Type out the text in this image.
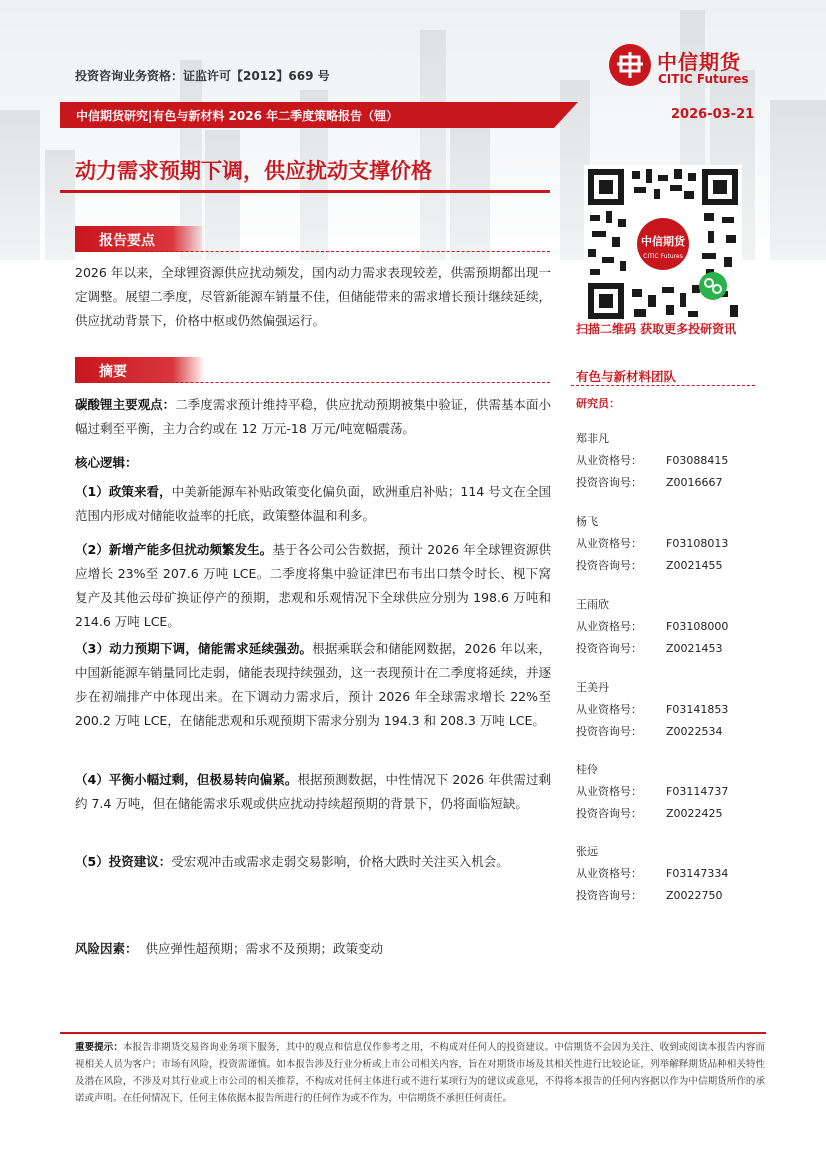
投资咨询业务资格：证监许可【2012】669 号
中信期货
CITIC Futures
中信期货研究|有色与新材料 2026 年二季度策略报告（锂）	2026-03-21
动力需求预期下调，供应扰动支撑价格
报告要点

2026 年以来，全球锂资源供应扰动频发，国内动力需求表现较差，供需预期都出现一定调整。展望二季度，尽管新能源车销量不佳，但储能带来的需求增长预计继续延续，供应扰动背景下，价格中枢或仍然偏强运行。

摘要

碳酸锂主要观点：二季度需求预计维持平稳，供应扰动预期被集中验证，供需基本面小幅过剩至平衡，主力合约或在 12 万元-18 万元/吨宽幅震荡。

核心逻辑：

（1）政策来看，中美新能源车补贴政策变化偏负面，欧洲重启补贴；114 号文在全国范围内形成对储能收益率的托底，政策整体温和利多。

（2）新增产能多但扰动频繁发生。基于各公司公告数据，预计 2026 年全球锂资源供应增长 23%至 207.6 万吨 LCE。二季度将集中验证津巴布韦出口禁令时长、枧下窝复产及其他云母矿换证停产的预期，悲观和乐观情况下全球供应分别为 198.6 万吨和 214.6 万吨 LCE。

（3）动力预期下调，储能需求延续强劲。根据乘联会和储能网数据，2026 年以来，中国新能源车销量同比走弱，储能表现持续强劲，这一表现预计在二季度将延续，并逐步在初端排产中体现出来。在下调动力需求后，预计 2026 年全球需求增长 22%至 200.2 万吨 LCE，在储能悲观和乐观预期下需求分别为 194.3 和 208.3 万吨 LCE。

（4）平衡小幅过剩，但极易转向偏紧。根据预测数据，中性情况下 2026 年供需过剩约 7.4 万吨，但在储能需求乐观或供应扰动持续超预期的背景下，仍将面临短缺。

（5）投资建议：受宏观冲击或需求走弱交易影响，价格大跌时关注买入机会。

风险因素： 供应弹性超预期；需求不及预期；政策变动
中信期货
CITIC Futures
扫描二维码 获取更多投研资讯
有色与新材料团队
研究员：
郑非凡
从业资格号： F03088415
投资咨询号： Z0016667
杨飞
从业资格号： F03108013
投资咨询号： Z0021455
王雨欣
从业资格号： F03108000
投资咨询号： Z0021453
王美丹
从业资格号： F03141853
投资咨询号： Z0022534
桂伶
从业资格号： F03114737
投资咨询号： Z0022425
张远
从业资格号： F03147334
投资咨询号： Z0022750

重要提示：本报告非期货交易咨询业务项下服务，其中的观点和信息仅作参考之用，不构成对任何人的投资建议。中信期货不会因为关注、收到或阅读本报告内容而视相关人员为客户；市场有风险，投资需谨慎。如本报告涉及行业分析或上市公司相关内容，旨在对期货市场及其相关性进行比较论证，列举解释期货品种相关特性及潜在风险，不涉及对其行业或上市公司的相关推荐，不构成对任何主体进行或不进行某项行为的建议或意见，不得将本报告的任何内容据以作为中信期货所作的承诺或声明。在任何情况下，任何主体依据本报告所进行的任何作为或不作为，中信期货不承担任何责任。
